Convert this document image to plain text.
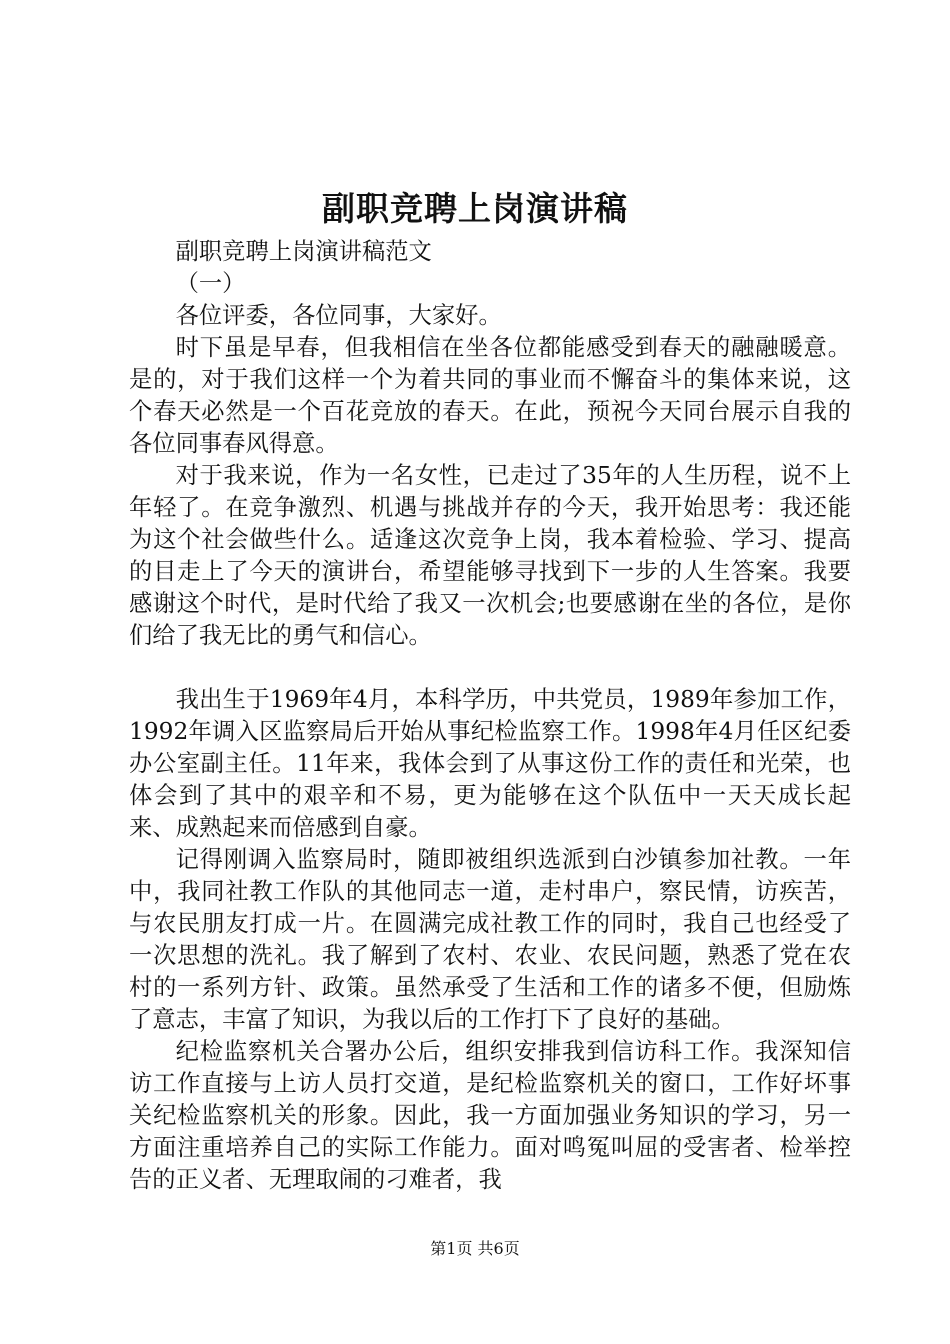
副职竞聘上岗演讲稿

副职竞聘上岗演讲稿范文

（一）

各位评委，各位同事，大家好。

时下虽是早春，但我相信在坐各位都能感受到春天的融融暖意。是的，对于我们这样一个为着共同的事业而不懈奋斗的集体来说，这个春天必然是一个百花竞放的春天。在此，预祝今天同台展示自我的各位同事春风得意。

对于我来说，作为一名女性，已走过了35年的人生历程，说不上年轻了。在竞争激烈、机遇与挑战并存的今天，我开始思考：我还能为这个社会做些什么。适逢这次竞争上岗，我本着检验、学习、提高的目走上了今天的演讲台，希望能够寻找到下一步的人生答案。我要感谢这个时代，是时代给了我又一次机会;也要感谢在坐的各位，是你们给了我无比的勇气和信心。

我出生于1969年4月，本科学历，中共党员，1989年参加工作，1992年调入区监察局后开始从事纪检监察工作。1998年4月任区纪委办公室副主任。11年来，我体会到了从事这份工作的责任和光荣，也体会到了其中的艰辛和不易，更为能够在这个队伍中一天天成长起来、成熟起来而倍感到自豪。

记得刚调入监察局时，随即被组织选派到白沙镇参加社教。一年中，我同社教工作队的其他同志一道，走村串户，察民情，访疾苦，与农民朋友打成一片。在圆满完成社教工作的同时，我自己也经受了一次思想的洗礼。我了解到了农村、农业、农民问题，熟悉了党在农村的一系列方针、政策。虽然承受了生活和工作的诸多不便，但励炼了意志，丰富了知识，为我以后的工作打下了良好的基础。

纪检监察机关合署办公后，组织安排我到信访科工作。我深知信访工作直接与上访人员打交道，是纪检监察机关的窗口，工作好坏事关纪检监察机关的形象。因此，我一方面加强业务知识的学习，另一方面注重培养自己的实际工作能力。面对鸣冤叫屈的受害者、检举控告的正义者、无理取闹的刁难者，我

第1页 共6页
